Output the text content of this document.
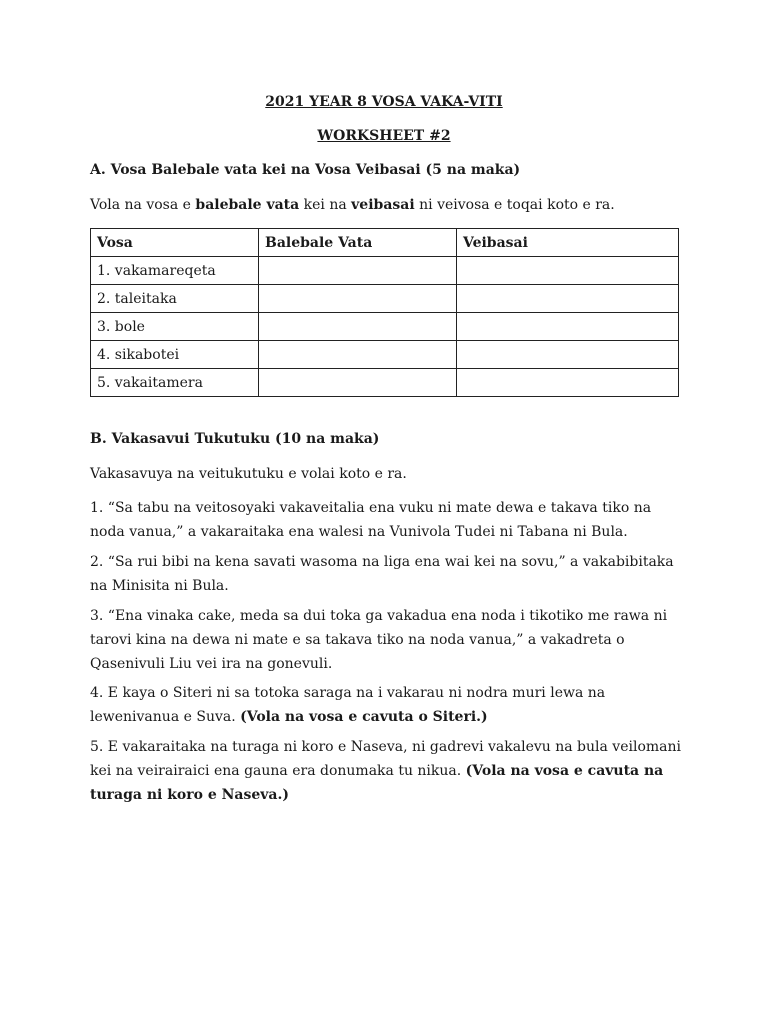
2021 YEAR 8 VOSA VAKA-VITI
WORKSHEET #2
A. Vosa Balebale vata kei na Vosa Veibasai (5 na maka)
Vola na vosa e balebale vata kei na veibasai ni veivosa e toqai koto e ra.
Vosa	Balebale Vata	Veibasai
1. vakamareqeta		
2. taleitaka		
3. bole		
4. sikabotei		
5. vakaitamera		
B. Vakasavui Tukutuku (10 na maka)
Vakasavuya na veitukutuku e volai koto e ra.
1. “Sa tabu na veitosoyaki vakaveitalia ena vuku ni mate dewa e takava tiko na noda vanua,” a vakaraitaka ena walesi na Vunivola Tudei ni Tabana ni Bula.
2. “Sa rui bibi na kena savati wasoma na liga ena wai kei na sovu,” a vakabibitaka na Minisita ni Bula.
3. “Ena vinaka cake, meda sa dui toka ga vakadua ena noda i tikotiko me rawa ni tarovi kina na dewa ni mate e sa takava tiko na noda vanua,” a vakadreta o Qasenivuli Liu vei ira na gonevuli.
4. E kaya o Siteri ni sa totoka saraga na i vakarau ni nodra muri lewa na lewenivanua e Suva. (Vola na vosa e cavuta o Siteri.)
5. E vakaraitaka na turaga ni koro e Naseva, ni gadrevi vakalevu na bula veilomani kei na veirairaici ena gauna era donumaka tu nikua. (Vola na vosa e cavuta na turaga ni koro e Naseva.)
